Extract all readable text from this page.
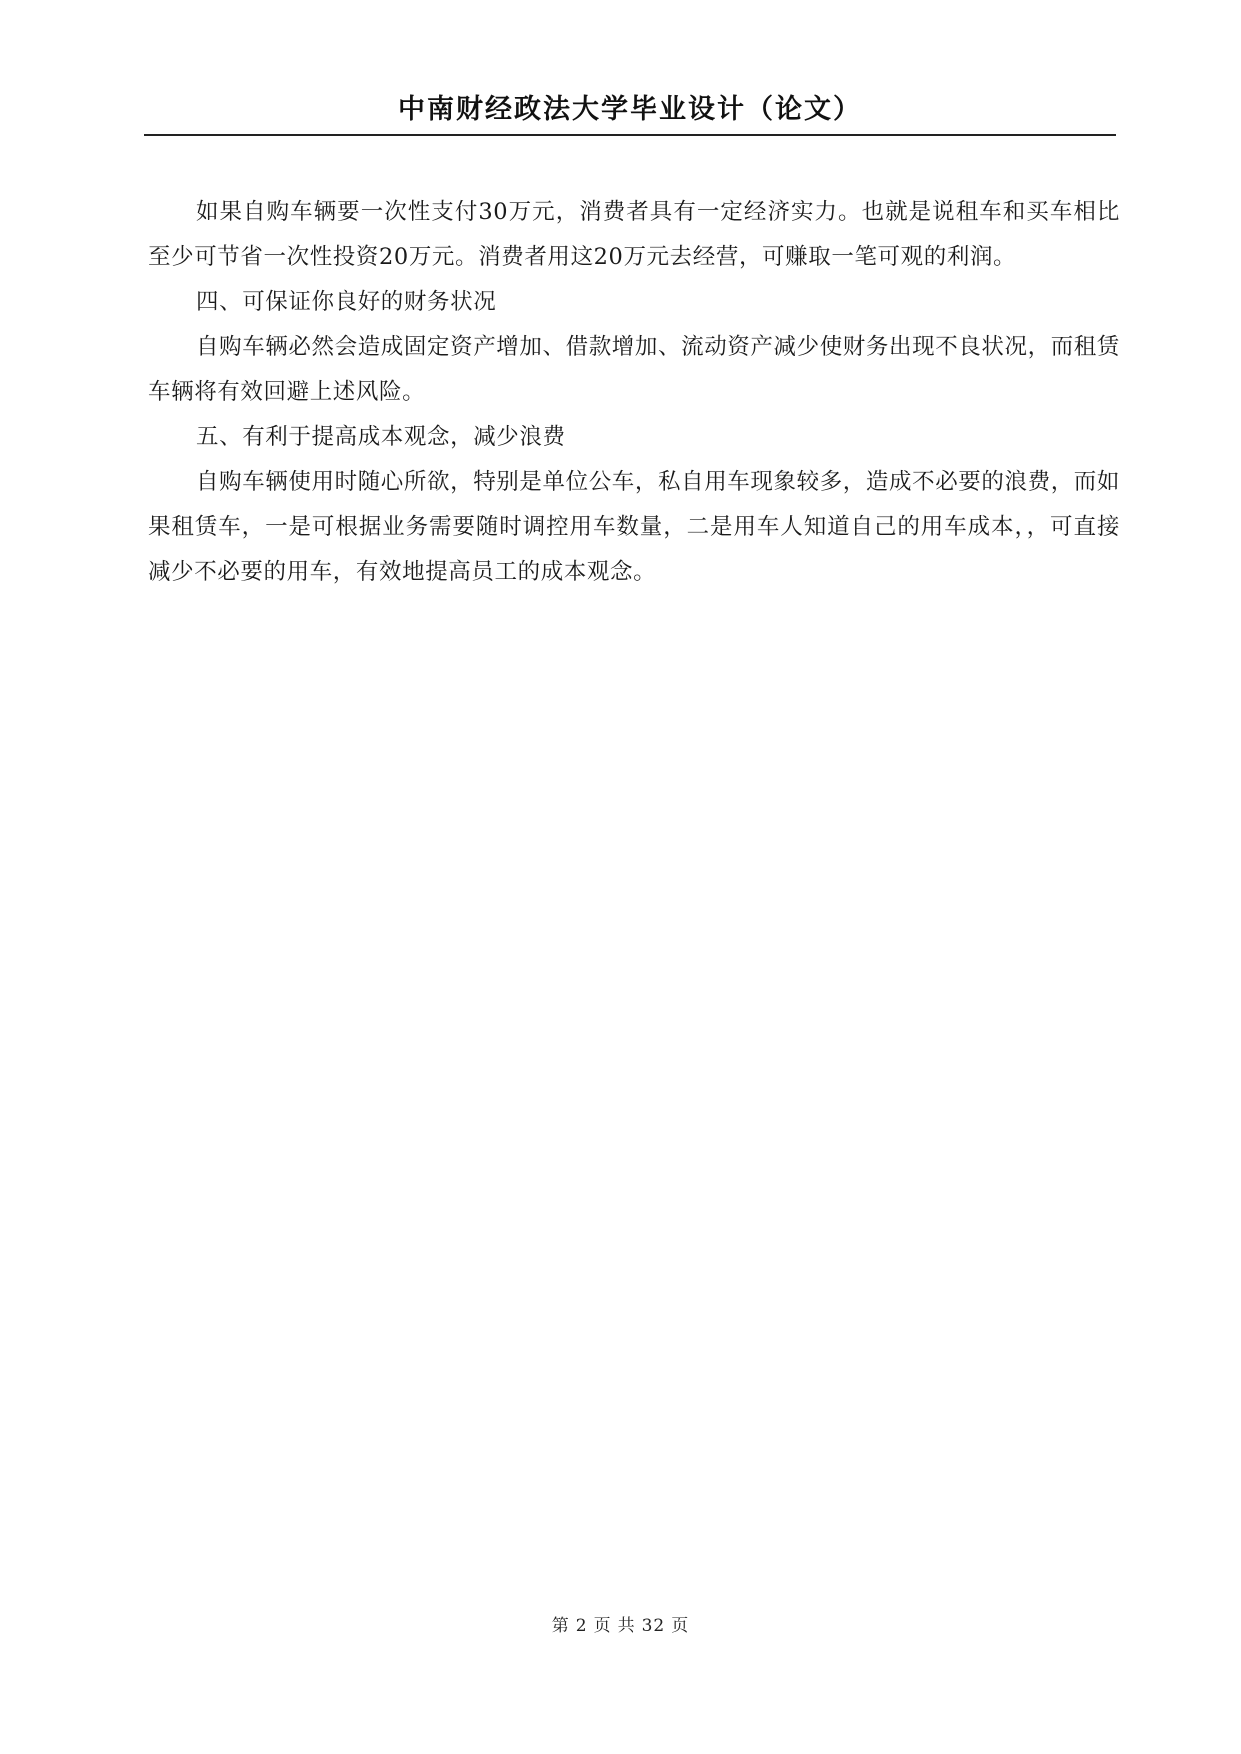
中南财经政法大学毕业设计（论文）

如果自购车辆要一次性支付30万元，消费者具有一定经济实力。也就是说租车和买车相比至少可节省一次性投资20万元。消费者用这20万元去经营，可赚取一笔可观的利润。

四、可保证你良好的财务状况

自购车辆必然会造成固定资产增加、借款增加、流动资产减少使财务出现不良状况，而租赁车辆将有效回避上述风险。

五、有利于提高成本观念，减少浪费

自购车辆使用时随心所欲，特别是单位公车，私自用车现象较多，造成不必要的浪费，而如果租赁车，一是可根据业务需要随时调控用车数量，二是用车人知道自己的用车成本，，可直接减少不必要的用车，有效地提高员工的成本观念。

第 2 页 共 32 页
